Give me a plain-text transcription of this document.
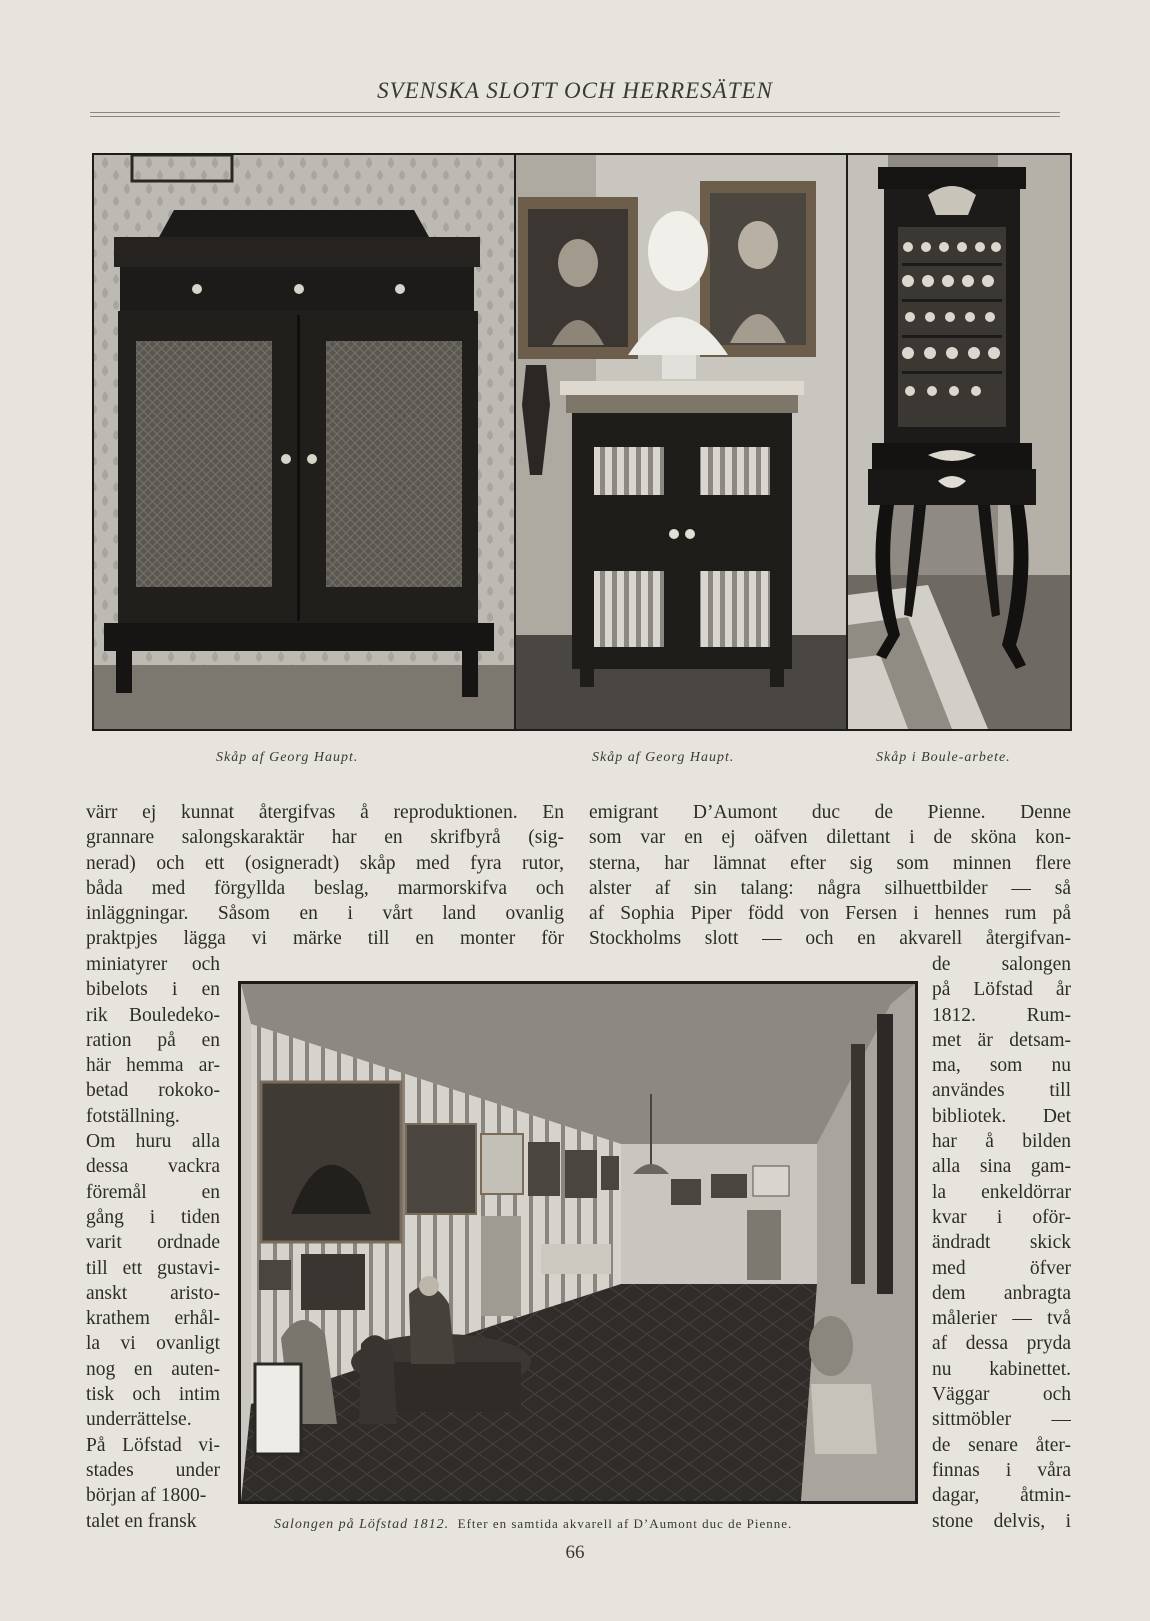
SVENSKA SLOTT OCH HERRESÄTEN
Skåp af Georg Haupt.	Skåp af Georg Haupt.	Skåp i Boule-arbete.
värr ej kunnat återgifvas å reproduktionen. En
grannare salongskaraktär har en skrifbyrå (sig-
nerad) och ett (osigneradt) skåp med fyra rutor,
båda med förgyllda beslag, marmorskifva och
inläggningar. Såsom en i vårt land ovanlig
praktpjes lägga vi märke till en monter för
emigrant D’Aumont duc de Pienne. Denne
som var en ej oäfven dilettant i de sköna kon-
sterna, har lämnat efter sig som minnen flere
alster af sin talang: några silhuettbilder — så
af Sophia Piper född von Fersen i hennes rum på
Stockholms slott — och en akvarell återgifvan-
miniatyrer och
bibelots i en
rik Bouledeko-
ration på en
här hemma ar-
betad rokoko-
fotställning.
Om huru alla
dessa vackra
föremål en
gång i tiden
varit ordnade
till ett gustavi-
anskt aristo-
krathem erhål-
la vi ovanligt
nog en auten-
tisk och intim
underrättelse.
På Löfstad vi-
stades under
början af 1800-
talet en fransk
de salongen
på Löfstad år
1812. Rum-
met är detsam-
ma, som nu
användes till
bibliotek. Det
har å bilden
alla sina gam-
la enkeldörrar
kvar i oför-
ändradt skick
med öfver
dem anbragta
målerier — två
af dessa pryda
nu kabinettet.
Väggar och
sittmöbler —
de senare åter-
finnas i våra
dagar, åtmin-
stone delvis, i
Salongen på Löfstad 1812. Efter en samtida akvarell af D’Aumont duc de Pienne.
66
